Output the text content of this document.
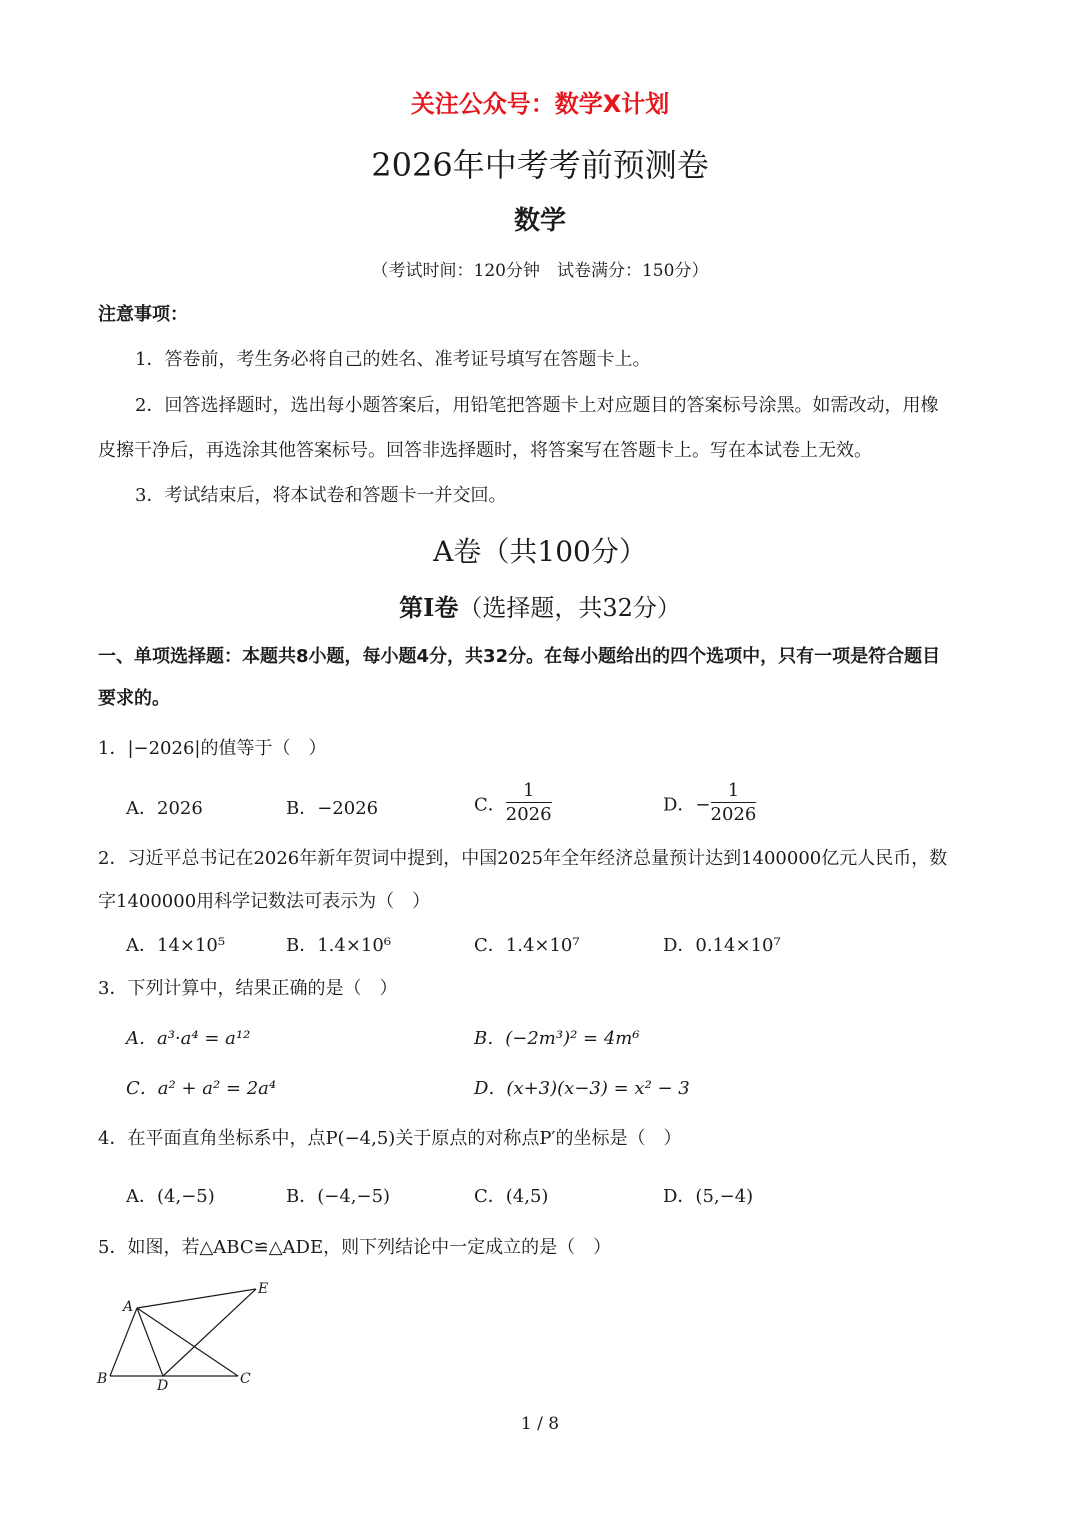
关注公众号：数学X计划
2026年中考考前预测卷
数学
（考试时间：120分钟　试卷满分：150分）
注意事项：
1．答卷前，考生务必将自己的姓名、准考证号填写在答题卡上。
2．回答选择题时，选出每小题答案后，用铅笔把答题卡上对应题目的答案标号涂黑。如需改动，用橡
皮擦干净后，再选涂其他答案标号。回答非选择题时，将答案写在答题卡上。写在本试卷上无效。
3．考试结束后，将本试卷和答题卡一并交回。
A卷（共100分）
第Ⅰ卷（选择题，共32分）
一、单项选择题：本题共8小题，每小题4分，共32分。在每小题给出的四个选项中，只有一项是符合题目
要求的。
1．|−2026|的值等于（　）
A．2026	B．−2026	C． $\frac{1}{2026}$	D．− $\frac{1}{2026}$
2．习近平总书记在2026年新年贺词中提到，中国2025年全年经济总量预计达到1400000亿元人民币，数
字1400000用科学记数法可表示为（　）
A．14×10⁵	B．1.4×10⁶	C．1.4×10⁷	D．0.14×10⁷
3．下列计算中，结果正确的是（　）
A．a³·a⁴ = a¹²	B．(−2m³)² = 4m⁶
C．a² + a² = 2a⁴	D．(x+3)(x−3) = x² − 3
4．在平面直角坐标系中，点P(−4,5)关于原点的对称点P′的坐标是（　）
A．(4,−5)	B．(−4,−5)	C．(4,5)	D．(5,−4)
5．如图，若△ABC≌△ADE，则下列结论中一定成立的是（　）
A
B	C
D
E
1 / 8
